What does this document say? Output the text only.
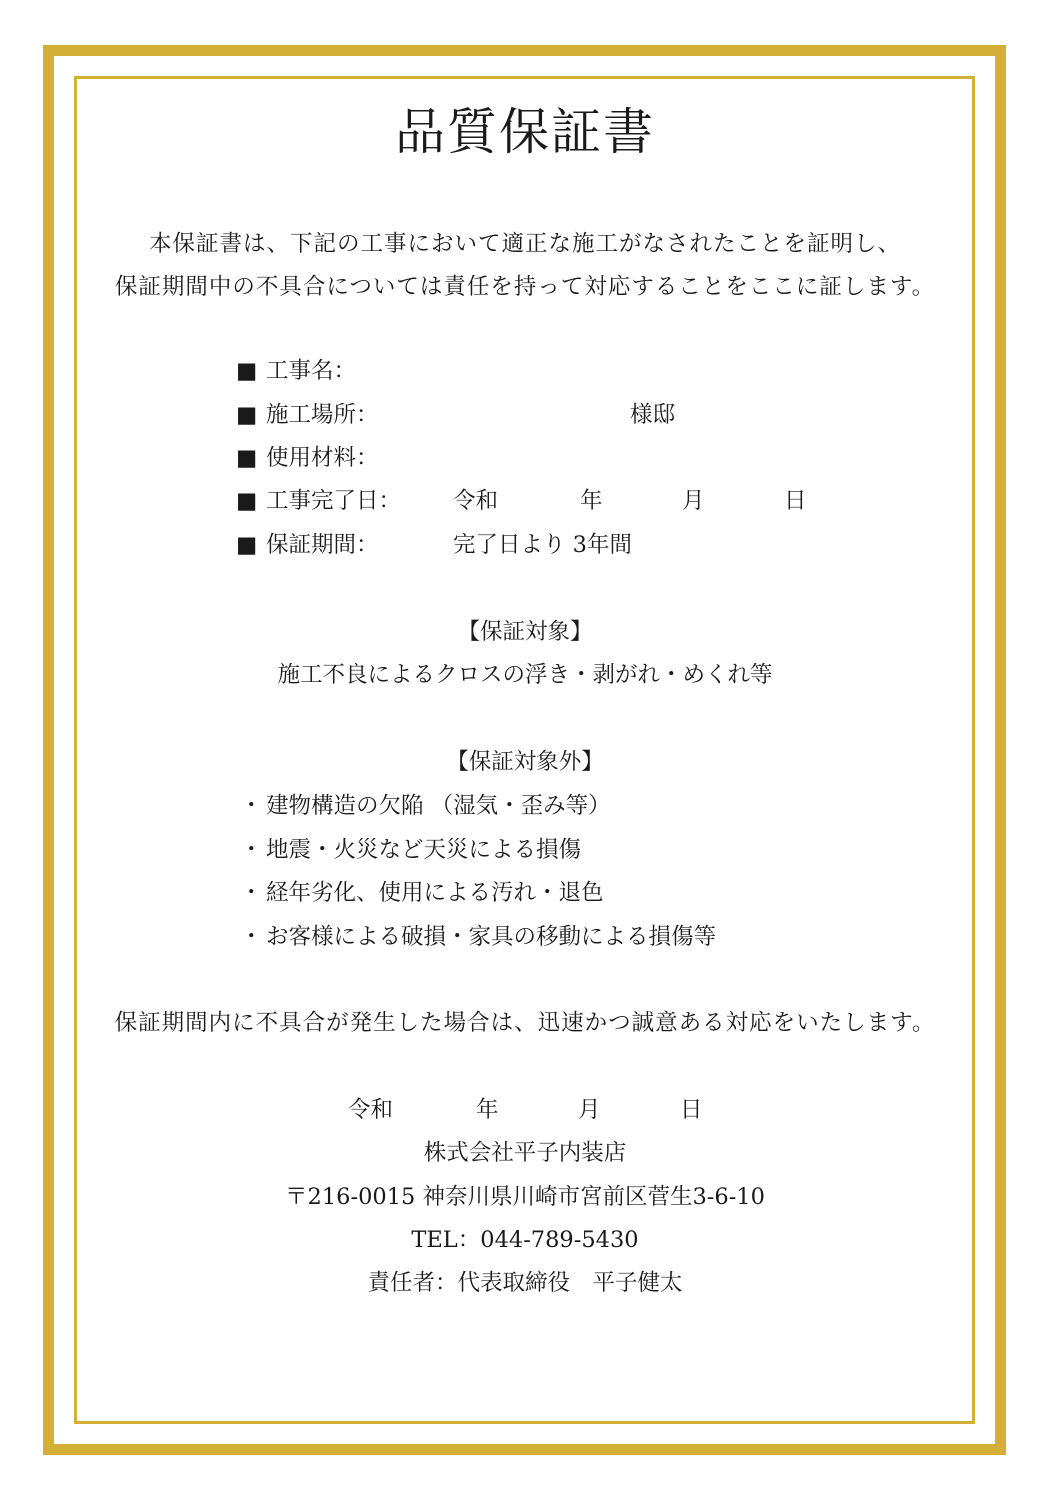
品質保証書
本保証書は、下記の工事において適正な施工がなされたことを証明し、
保証期間中の不具合については責任を持って対応することをここに証します。
■ 工事名：
■ 施工場所：	様邸
■ 使用材料：
■ 工事完了日： 令和	年	月	日
■ 保証期間：	完了日より 3年間
【保証対象】
施工不良によるクロスの浮き・剥がれ・めくれ等
【保証対象外】
・ 建物構造の欠陥 （湿気・歪み等）
・ 地震・火災など天災による損傷
・ 経年劣化、使用による汚れ・退色
・ お客様による破損・家具の移動による損傷等
保証期間内に不具合が発生した場合は、迅速かつ誠意ある対応をいたします。
令和	年	月	日
株式会社平子内装店
〒216-0015 神奈川県川崎市宮前区菅生3-6-10
TEL：044-789-5430
責任者：代表取締役　平子健太
